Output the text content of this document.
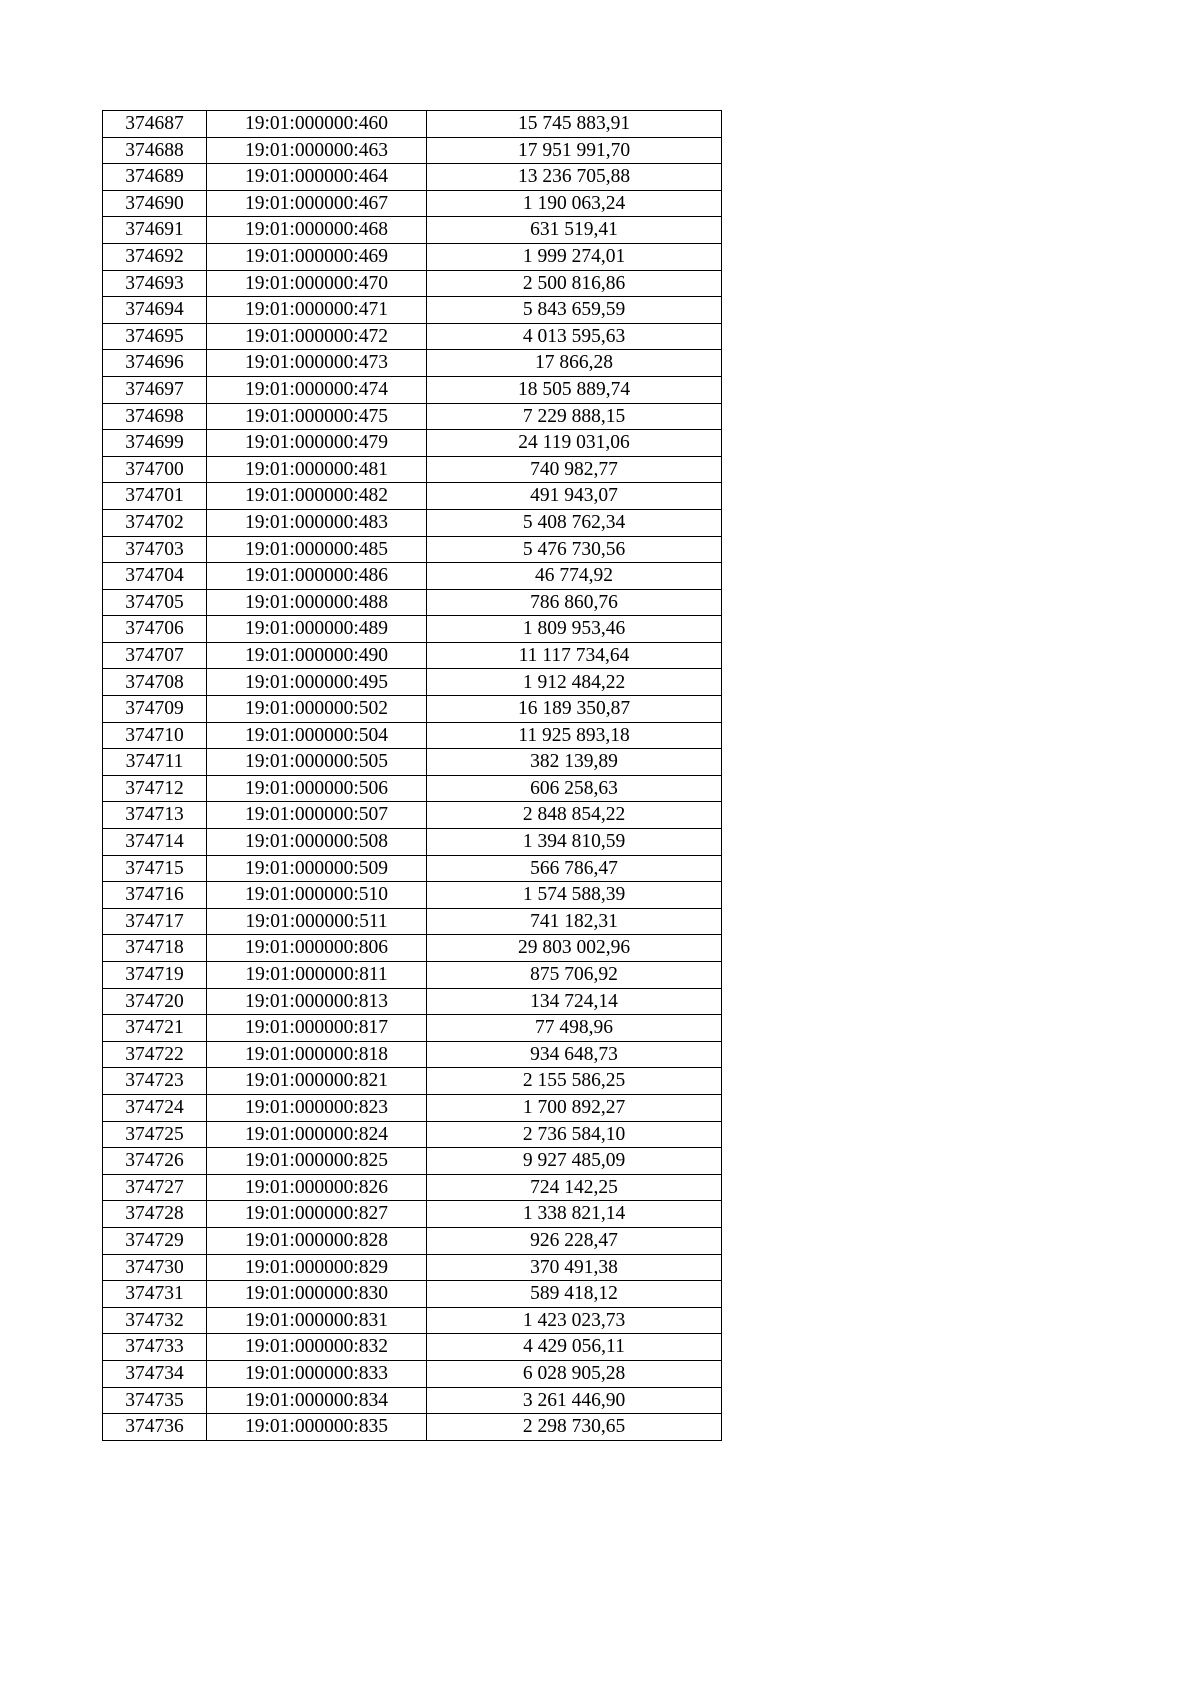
374687	19:01:000000:460	15 745 883,91
374688	19:01:000000:463	17 951 991,70
374689	19:01:000000:464	13 236 705,88
374690	19:01:000000:467	1 190 063,24
374691	19:01:000000:468	631 519,41
374692	19:01:000000:469	1 999 274,01
374693	19:01:000000:470	2 500 816,86
374694	19:01:000000:471	5 843 659,59
374695	19:01:000000:472	4 013 595,63
374696	19:01:000000:473	17 866,28
374697	19:01:000000:474	18 505 889,74
374698	19:01:000000:475	7 229 888,15
374699	19:01:000000:479	24 119 031,06
374700	19:01:000000:481	740 982,77
374701	19:01:000000:482	491 943,07
374702	19:01:000000:483	5 408 762,34
374703	19:01:000000:485	5 476 730,56
374704	19:01:000000:486	46 774,92
374705	19:01:000000:488	786 860,76
374706	19:01:000000:489	1 809 953,46
374707	19:01:000000:490	11 117 734,64
374708	19:01:000000:495	1 912 484,22
374709	19:01:000000:502	16 189 350,87
374710	19:01:000000:504	11 925 893,18
374711	19:01:000000:505	382 139,89
374712	19:01:000000:506	606 258,63
374713	19:01:000000:507	2 848 854,22
374714	19:01:000000:508	1 394 810,59
374715	19:01:000000:509	566 786,47
374716	19:01:000000:510	1 574 588,39
374717	19:01:000000:511	741 182,31
374718	19:01:000000:806	29 803 002,96
374719	19:01:000000:811	875 706,92
374720	19:01:000000:813	134 724,14
374721	19:01:000000:817	77 498,96
374722	19:01:000000:818	934 648,73
374723	19:01:000000:821	2 155 586,25
374724	19:01:000000:823	1 700 892,27
374725	19:01:000000:824	2 736 584,10
374726	19:01:000000:825	9 927 485,09
374727	19:01:000000:826	724 142,25
374728	19:01:000000:827	1 338 821,14
374729	19:01:000000:828	926 228,47
374730	19:01:000000:829	370 491,38
374731	19:01:000000:830	589 418,12
374732	19:01:000000:831	1 423 023,73
374733	19:01:000000:832	4 429 056,11
374734	19:01:000000:833	6 028 905,28
374735	19:01:000000:834	3 261 446,90
374736	19:01:000000:835	2 298 730,65
